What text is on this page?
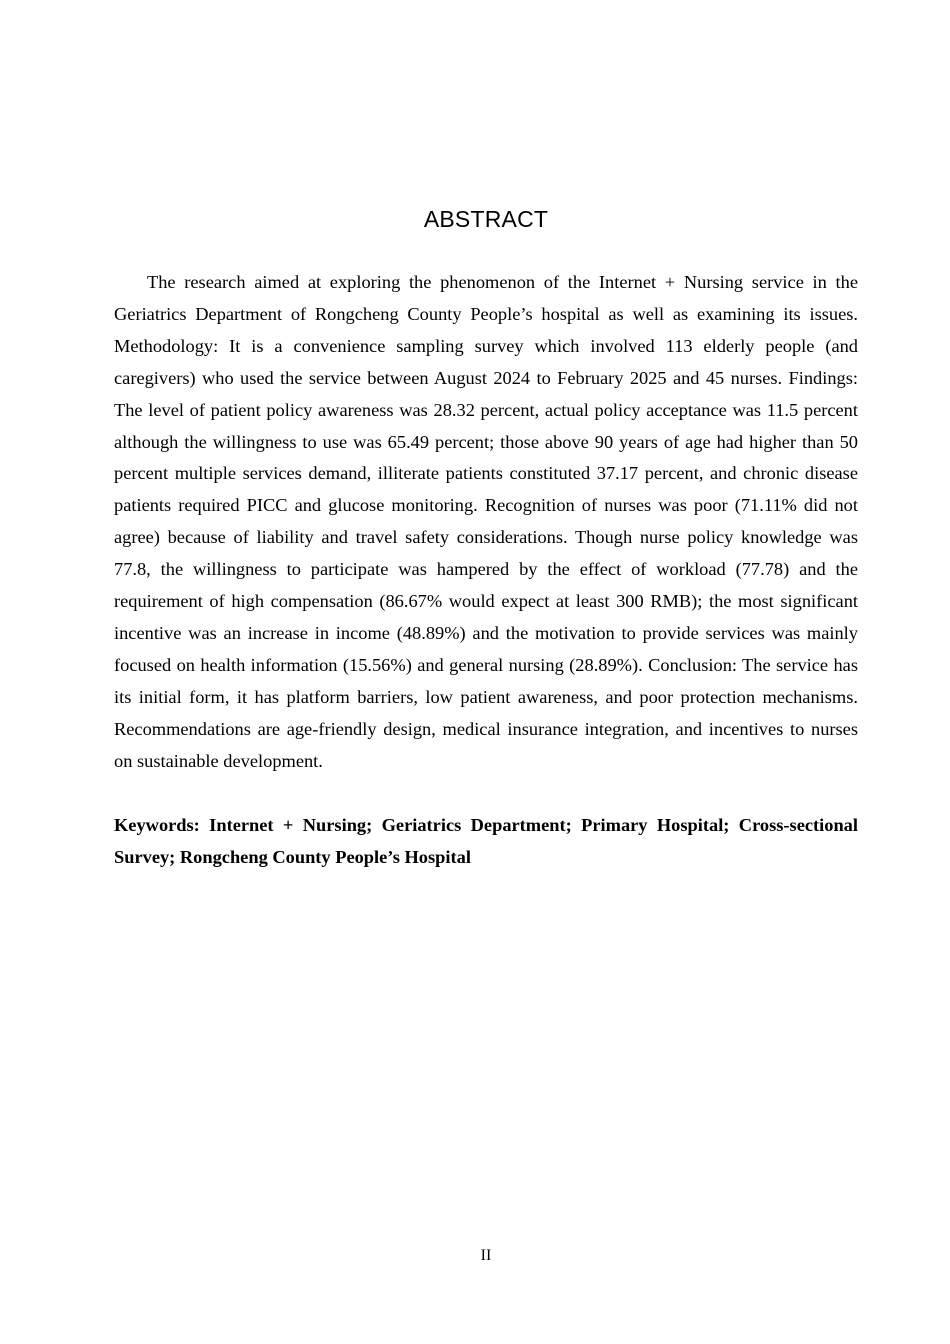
ABSTRACT

The research aimed at exploring the phenomenon of the Internet + Nursing service in the Geriatrics Department of Rongcheng County People’s hospital as well as examining its issues. Methodology: It is a convenience sampling survey which involved 113 elderly people (and caregivers) who used the service between August 2024 to February 2025 and 45 nurses. Findings: The level of patient policy awareness was 28.32 percent, actual policy acceptance was 11.5 percent although the willingness to use was 65.49 percent; those above 90 years of age had higher than 50 percent multiple services demand, illiterate patients constituted 37.17 percent, and chronic disease patients required PICC and glucose monitoring. Recognition of nurses was poor (71.11% did not agree) because of liability and travel safety considerations. Though nurse policy knowledge was 77.8, the willingness to participate was hampered by the effect of workload (77.78) and the requirement of high compensation (86.67% would expect at least 300 RMB); the most significant incentive was an increase in income (48.89%) and the motivation to provide services was mainly focused on health information (15.56%) and general nursing (28.89%). Conclusion: The service has its initial form, it has platform barriers, low patient awareness, and poor protection mechanisms. Recommendations are age-friendly design, medical insurance integration, and incentives to nurses on sustainable development.

Keywords: Internet + Nursing; Geriatrics Department; Primary Hospital; Cross-sectional Survey; Rongcheng County People’s Hospital

II
